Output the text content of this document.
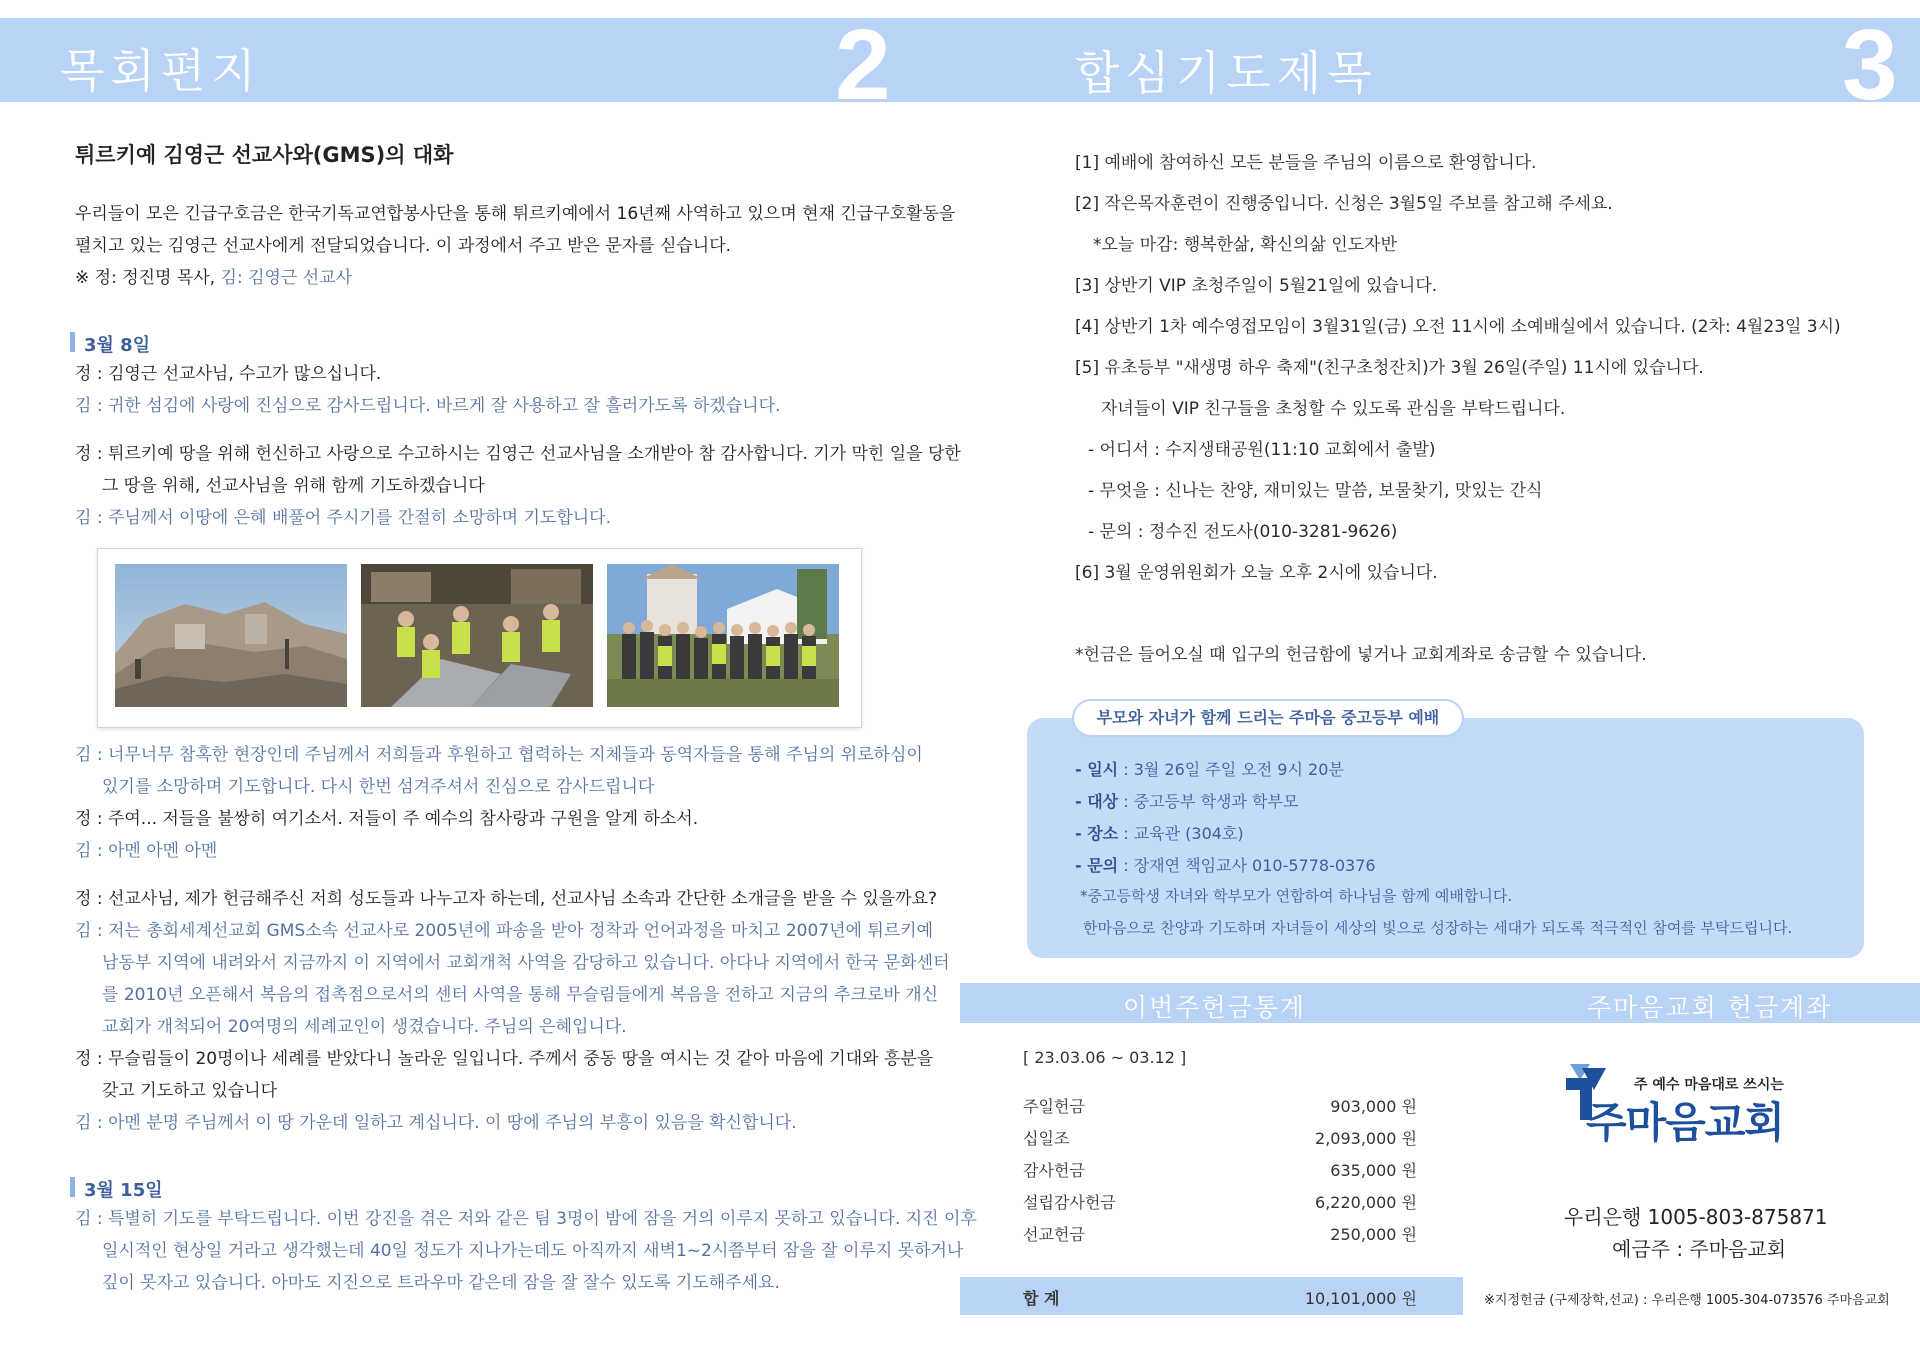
목회편지	2
튀르키예 김영근 선교사와(GMS)의 대화
우리들이 모은 긴급구호금은 한국기독교연합봉사단을 통해 튀르키예에서 16년째 사역하고 있으며 현재 긴급구호활동을
펼치고 있는 김영근 선교사에게 전달되었습니다. 이 과정에서 주고 받은 문자를 싣습니다.
※ 정: 정진명 목사, 김: 김영근 선교사
3월 8일
정 : 김영근 선교사님, 수고가 많으십니다.
김 : 귀한 섬김에 사랑에 진심으로 감사드립니다. 바르게 잘 사용하고 잘 흘러가도록 하겠습니다.
정 : 튀르키예 땅을 위해 헌신하고 사랑으로 수고하시는 김영근 선교사님을 소개받아 참 감사합니다. 기가 막힌 일을 당한
그 땅을 위해, 선교사님을 위해 함께 기도하겠습니다
김 : 주님께서 이땅에 은혜 배풀어 주시기를 간절히 소망하며 기도합니다.
김 : 너무너무 참혹한 현장인데 주님께서 저희들과 후원하고 협력하는 지체들과 동역자들을 통해 주님의 위로하심이
있기를 소망하며 기도합니다. 다시 한번 섬겨주셔서 진심으로 감사드립니다
정 : 주여... 저들을 불쌍히 여기소서. 저들이 주 예수의 참사랑과 구원을 알게 하소서.
김 : 아멘 아멘 아멘
정 : 선교사님, 제가 헌금해주신 저희 성도들과 나누고자 하는데, 선교사님 소속과 간단한 소개글을 받을 수 있을까요?
김 : 저는 총회세계선교회 GMS소속 선교사로 2005년에 파송을 받아 정착과 언어과정을 마치고 2007년에 튀르키예
남동부 지역에 내려와서 지금까지 이 지역에서 교회개척 사역을 감당하고 있습니다. 아다나 지역에서 한국 문화센터
를 2010년 오픈해서 복음의 접촉점으로서의 센터 사역을 통해 무슬림들에게 복음을 전하고 지금의 추크로바 개신
교회가 개척되어 20여명의 세례교인이 생겼습니다. 주님의 은혜입니다.
정 : 무슬림들이 20명이나 세례를 받았다니 놀라운 일입니다. 주께서 중동 땅을 여시는 것 같아 마음에 기대와 흥분을
갖고 기도하고 있습니다
김 : 아멘 분명 주님께서 이 땅 가운데 일하고 계십니다. 이 땅에 주님의 부흥이 있음을 확신합니다.
3월 15일
김 : 특별히 기도를 부탁드립니다. 이번 강진을 겪은 저와 같은 팀 3명이 밤에 잠을 거의 이루지 못하고 있습니다. 지진 이후
일시적인 현상일 거라고 생각했는데 40일 정도가 지나가는데도 아직까지 새벽1~2시쯤부터 잠을 잘 이루지 못하거나
깊이 못자고 있습니다. 아마도 지진으로 트라우마 같은데 잠을 잘 잘수 있도록 기도해주세요.
합심기도제목	3
[1] 예배에 참여하신 모든 분들을 주님의 이름으로 환영합니다.
[2] 작은목자훈련이 진행중입니다. 신청은 3월5일 주보를 참고해 주세요.
*오늘 마감: 행복한삶, 확신의삶 인도자반
[3] 상반기 VIP 초청주일이 5월21일에 있습니다.
[4] 상반기 1차 예수영접모임이 3월31일(금) 오전 11시에 소예배실에서 있습니다. (2차: 4월23일 3시)
[5] 유초등부 "새생명 하우 축제"(친구초청잔치)가 3월 26일(주일) 11시에 있습니다.
자녀들이 VIP 친구들을 초청할 수 있도록 관심을 부탁드립니다.
- 어디서 : 수지생태공원(11:10 교회에서 출발)
- 무엇을 : 신나는 찬양, 재미있는 말씀, 보물찾기, 맛있는 간식
- 문의 : 정수진 전도사(010-3281-9626)
[6] 3월 운영위원회가 오늘 오후 2시에 있습니다.
*헌금은 들어오실 때 입구의 헌금함에 넣거나 교회계좌로 송금할 수 있습니다.
부모와 자녀가 함께 드리는 주마음 중고등부 예배
- 일시 : 3월 26일 주일 오전 9시 20분
- 대상 : 중고등부 학생과 학부모
- 장소 : 교육관 (304호)
- 문의 : 장재연 책임교사 010-5778-0376
*중고등학생 자녀와 학부모가 연합하여 하나님을 함께 예배합니다.
한마음으로 찬양과 기도하며 자녀들이 세상의 빛으로 성장하는 세대가 되도록 적극적인 참여를 부탁드립니다.
이번주헌금통계	주마음교회 헌금계좌
[ 23.03.06 ~ 03.12 ]
주일헌금	903,000 원
십일조	2,093,000 원
감사헌금	635,000 원
설립감사헌금	6,220,000 원
선교헌금	250,000 원
합 계	10,101,000 원
주 예수 마음대로 쓰시는
주마음교회
우리은행 1005-803-875871
예금주 : 주마음교회
※지정헌금 (구제장학,선교) : 우리은행 1005-304-073576 주마음교회
